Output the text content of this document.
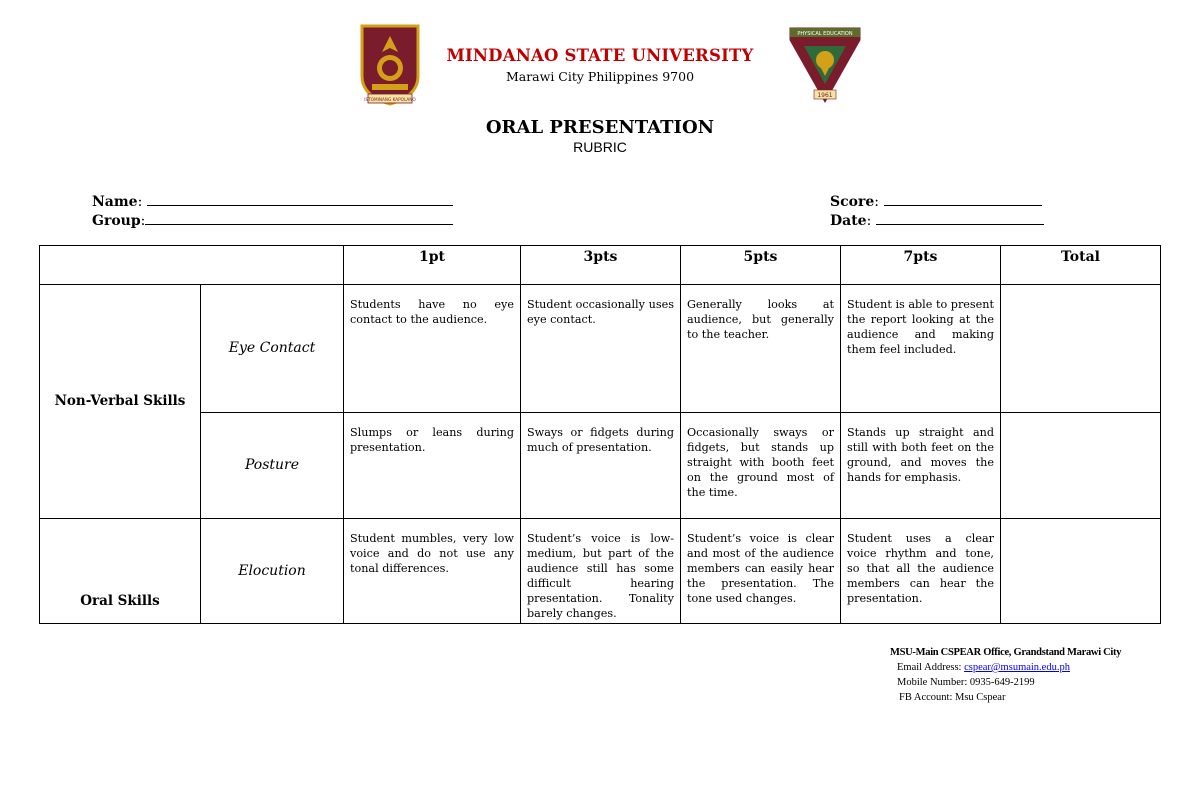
ISTOMINANG KAPOLANO
PHYSICAL EDUCATION
1961
MINDANAO STATE UNIVERSITY
Marawi City Philippines 9700
ORAL PRESENTATION
RUBRIC
Name:
Group:
Score:
Date:
		1pt	3pts	5pts	7pts	Total
Non-Verbal Skills	Eye Contact	Students have no eye contact to the audience.	Student occasionally uses eye contact.	Generally looks at audience, but generally to the teacher.	Student is able to present the report looking at the audience and making them feel included.	
	Posture	Slumps or leans during presentation.	Sways or fidgets during much of presentation.	Occasionally sways or fidgets, but stands up straight with booth feet on the ground most of the time.	Stands up straight and still with both feet on the ground, and moves the hands for emphasis.	
Oral Skills	Elocution	Student mumbles, very low voice and do not use any tonal differences.	Student’s voice is low-medium, but part of the audience still has some difficult hearing presentation. Tonality barely changes.	Student’s voice is clear and most of the audience members can easily hear the presentation. The tone used changes.	Student uses a clear voice rhythm and tone, so that all the audience members can hear the presentation.	
MSU-Main CSPEAR Office, Grandstand Marawi City
Email Address: cspear@msumain.edu.ph
Mobile Number: 0935-649-2199
FB Account: Msu Cspear
